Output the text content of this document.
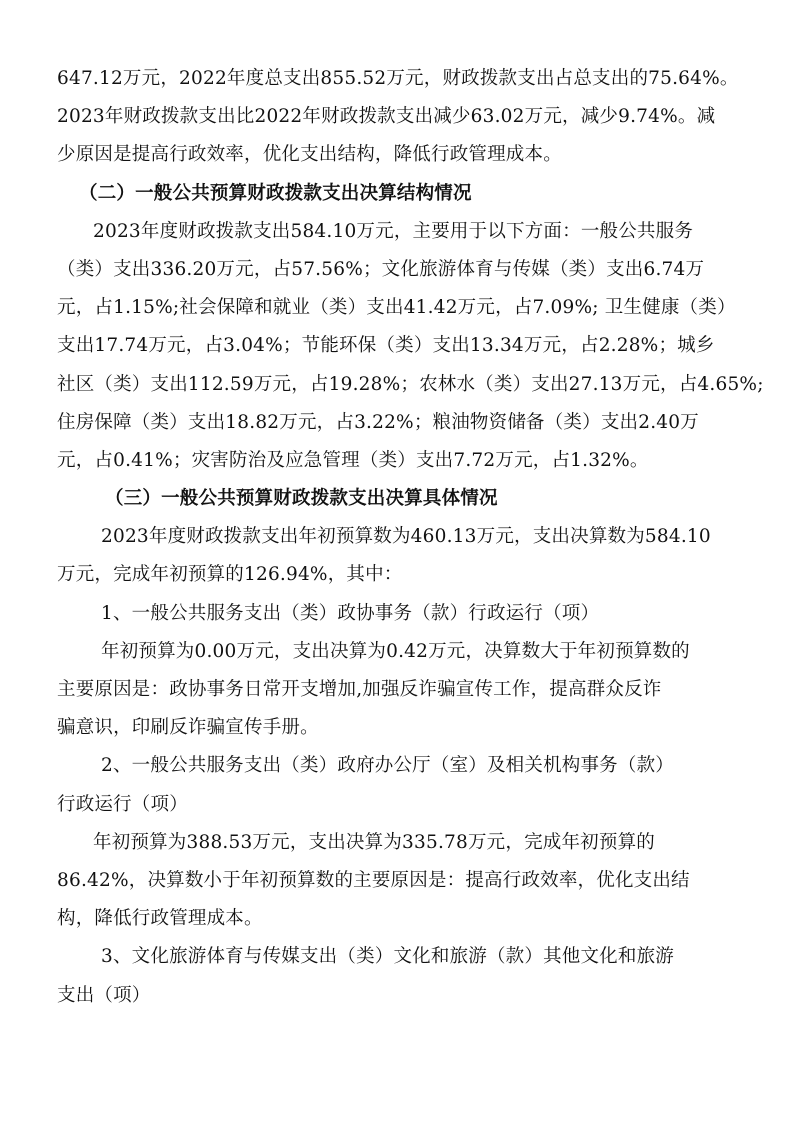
647.12万元，2022年度总支出855.52万元，财政拨款支出占总支出的75.64%。
2023年财政拨款支出比2022年财政拨款支出减少63.02万元，减少9.74%。减
少原因是提高行政效率，优化支出结构，降低行政管理成本。
（二）一般公共预算财政拨款支出决算结构情况
2023年度财政拨款支出584.10万元，主要用于以下方面：一般公共服务
（类）支出336.20万元，占57.56%；文化旅游体育与传媒（类）支出6.74万
元，占1.15%;社会保障和就业（类）支出41.42万元，占7.09%; 卫生健康（类）
支出17.74万元，占3.04%；节能环保（类）支出13.34万元，占2.28%；城乡
社区（类）支出112.59万元，占19.28%；农林水（类）支出27.13万元，占4.65%;
住房保障（类）支出18.82万元，占3.22%；粮油物资储备（类）支出2.40万
元，占0.41%；灾害防治及应急管理（类）支出7.72万元，占1.32%。
（三）一般公共预算财政拨款支出决算具体情况
2023年度财政拨款支出年初预算数为460.13万元，支出决算数为584.10
万元，完成年初预算的126.94%，其中：
1、一般公共服务支出（类）政协事务（款）行政运行（项）
年初预算为0.00万元，支出决算为0.42万元，决算数大于年初预算数的
主要原因是：政协事务日常开支增加,加强反诈骗宣传工作，提高群众反诈
骗意识，印刷反诈骗宣传手册。
2、一般公共服务支出（类）政府办公厅（室）及相关机构事务（款）
行政运行（项）
年初预算为388.53万元，支出决算为335.78万元，完成年初预算的
86.42%，决算数小于年初预算数的主要原因是：提高行政效率，优化支出结
构，降低行政管理成本。
3、文化旅游体育与传媒支出（类）文化和旅游（款）其他文化和旅游
支出（项）
